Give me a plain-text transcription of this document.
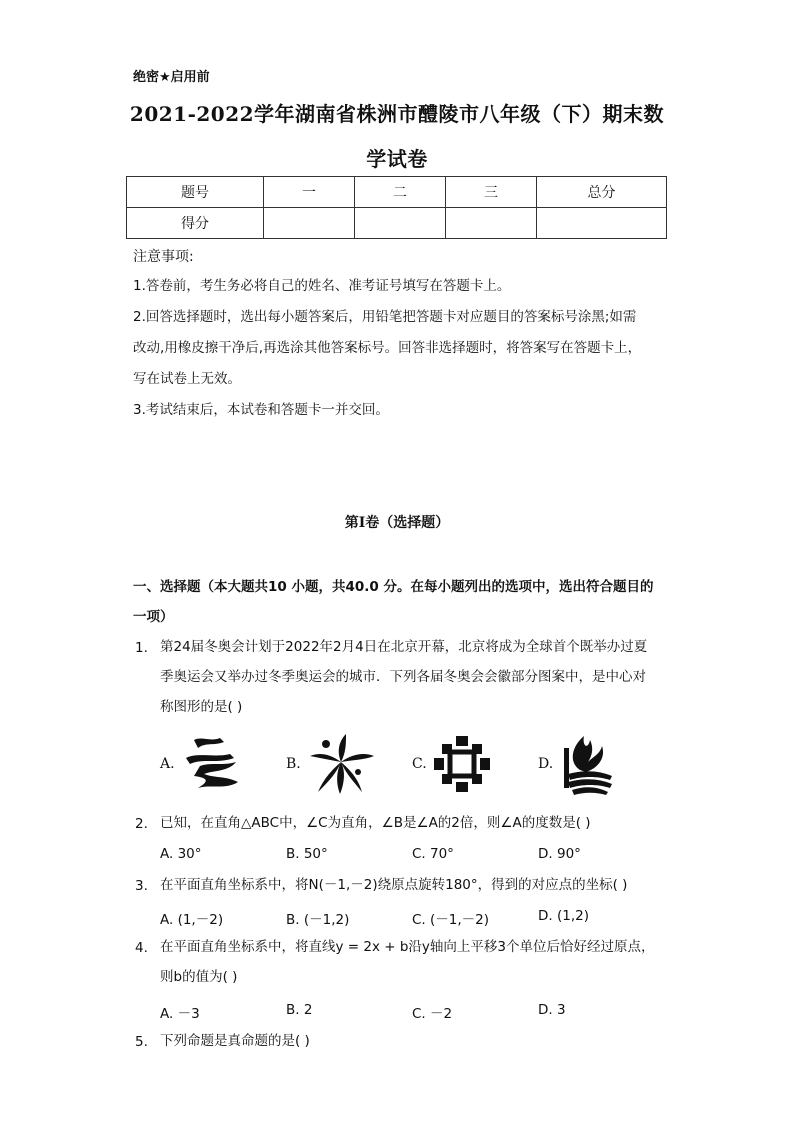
绝密★启用前
2021-2022学年湖南省株洲市醴陵市八年级（下）期末数
学试卷
题号	一	二	三	总分
得分				
注意事项:
1.答卷前，考生务必将自己的姓名、准考证号填写在答题卡上。
2.回答选择题时，选出每小题答案后，用铅笔把答题卡对应题目的答案标号涂黑;如需
改动,用橡皮擦干净后,再选涂其他答案标号。回答非选择题时，将答案写在答题卡上，
写在试卷上无效。
3.考试结束后，本试卷和答题卡一并交回。
第I卷（选择题）
一、选择题（本大题共10 小题，共40.0 分。在每小题列出的选项中，选出符合题目的
一项）
1. 第24届冬奥会计划于2022年2月4日在北京开幕，北京将成为全球首个既举办过夏
季奥运会又举办过冬季奥运会的城市．下列各届冬奥会会徽部分图案中，是中心对
称图形的是( )
A.	B.	C.	D.
2. 已知，在直角△ABC中，∠C为直角，∠B是∠A的2倍，则∠A的度数是( )
A. 30°	B. 50°	C. 70°	D. 90°
3. 在平面直角坐标系中，将N(－1,－2)绕原点旋转180°，得到的对应点的坐标( )
A. (1,－2)	B. (－1,2)	C. (－1,－2)	D. (1,2)
4. 在平面直角坐标系中，将直线y = 2x + b沿y轴向上平移3个单位后恰好经过原点，
则b的值为( )
A. －3	B. 2	C. －2	D. 3
5. 下列命题是真命题的是( )
